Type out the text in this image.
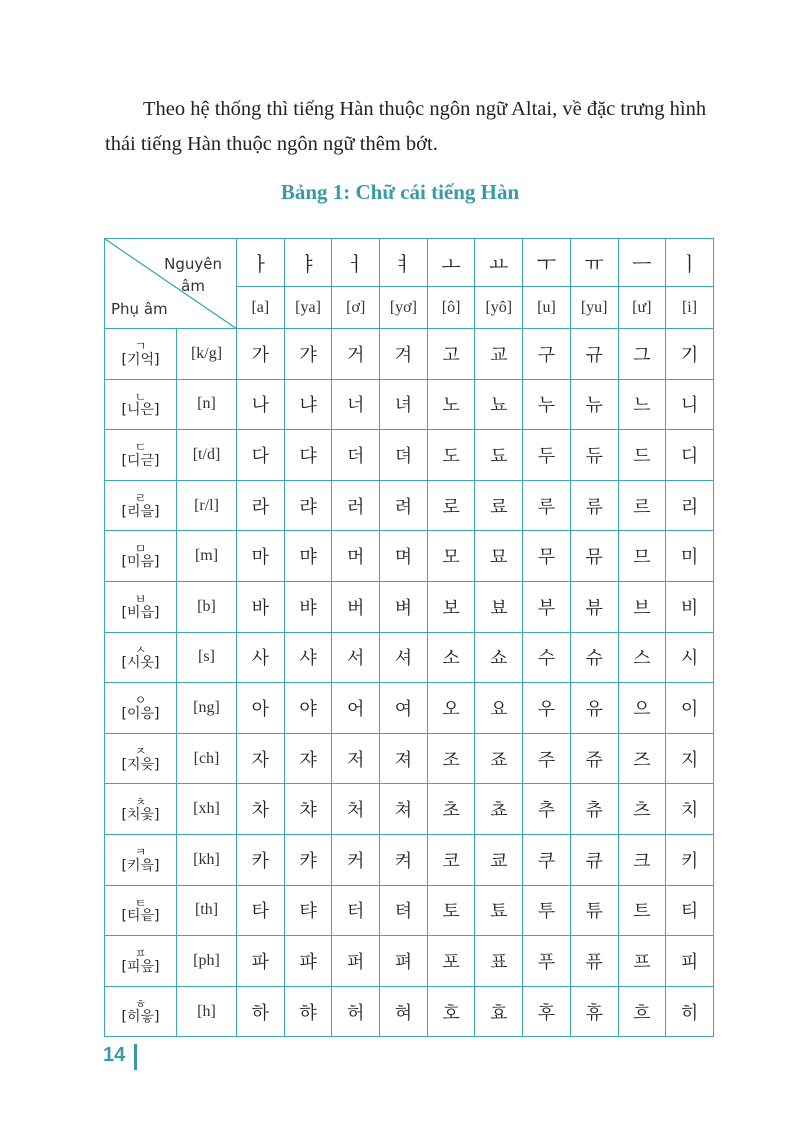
Theo hệ thống thì tiếng Hàn thuộc ngôn ngữ Altai, về đặc trưng hình thái tiếng Hàn thuộc ngôn ngữ thêm bớt.

Bảng 1: Chữ cái tiếng Hàn
Nguyên
âm
Phụ âm		ㅏ	ㅑ	ㅓ	ㅕ	ㅗ	ㅛ	ㅜ	ㅠ	ㅡ	ㅣ
		[a]	[ya]	[ơ]	[yơ]	[ô]	[yô]	[u]	[yu]	[ư]	[i]

ㄱ
[기억]	[k/g]	가	갸	거	겨	고	교	구	규	그	기

ㄴ
[니은]	[n]	나	냐	너	녀	노	뇨	누	뉴	느	니

ㄷ
[디귿]	[t/d]	다	댜	더	뎌	도	됴	두	듀	드	디

ㄹ
[리을]	[r/l]	라	랴	러	려	로	료	루	류	르	리

ㅁ
[미음]	[m]	마	먀	머	며	모	묘	무	뮤	므	미

ㅂ
[비읍]	[b]	바	뱌	버	벼	보	뵤	부	뷰	브	비

ㅅ
[시옷]	[s]	사	샤	서	셔	소	쇼	수	슈	스	시

ㅇ
[이응]	[ng]	아	야	어	여	오	요	우	유	으	이

ㅈ
[지읒]	[ch]	자	쟈	저	져	조	죠	주	쥬	즈	지

ㅊ
[치읓]	[xh]	차	챠	처	쳐	초	쵸	추	츄	츠	치

ㅋ
[키읔]	[kh]	카	캬	커	켜	코	쿄	쿠	큐	크	키

ㅌ
[티읕]	[th]	타	탸	터	텨	토	툐	투	튜	트	티

ㅍ
[피읖]	[ph]	파	퍄	퍼	펴	포	표	푸	퓨	프	피

ㅎ
[히읗]	[h]	하	햐	허	혀	호	효	후	휴	흐	히
14
